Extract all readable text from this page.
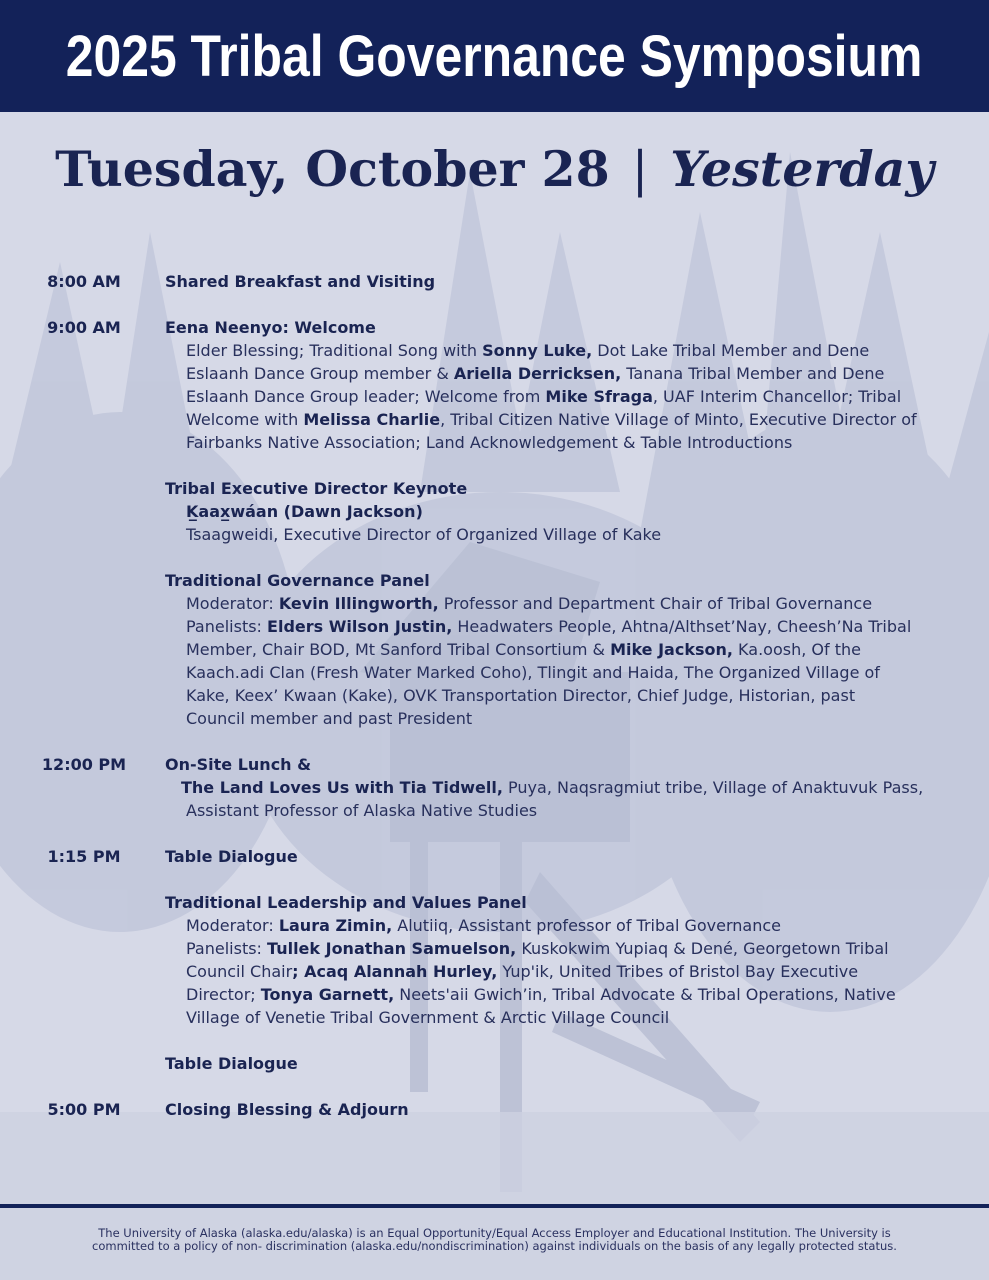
2025 Tribal Governance Symposium
Tuesday, October 28 | Yesterday
8:00 AM	Shared Breakfast and Visiting
9:00 AM	Eena Neenyo: Welcome
Elder Blessing; Traditional Song with Sonny Luke, Dot Lake Tribal Member and Dene
Eslaanh Dance Group member & Ariella Derricksen, Tanana Tribal Member and Dene
Eslaanh Dance Group leader; Welcome from Mike Sfraga, UAF Interim Chancellor; Tribal
Welcome with Melissa Charlie, Tribal Citizen Native Village of Minto, Executive Director of
Fairbanks Native Association; Land Acknowledgement & Table Introductions
Tribal Executive Director Keynote
K̲aax̲wáan (Dawn Jackson)
Tsaagweidi, Executive Director of Organized Village of Kake
Traditional Governance Panel
Moderator: Kevin Illingworth, Professor and Department Chair of Tribal Governance
Panelists: Elders Wilson Justin, Headwaters People, Ahtna/Althset’Nay, Cheesh’Na Tribal
Member, Chair BOD, Mt Sanford Tribal Consortium & Mike Jackson, Ka.oosh, Of the
Kaach.adi Clan (Fresh Water Marked Coho), Tlingit and Haida, The Organized Village of
Kake, Keex’ Kwaan (Kake), OVK Transportation Director, Chief Judge, Historian, past
Council member and past President
12:00 PM On-Site Lunch &
The Land Loves Us with Tia Tidwell, Puya, Naqsragmiut tribe, Village of Anaktuvuk Pass,
Assistant Professor of Alaska Native Studies
1:15 PM	Table Dialogue
Traditional Leadership and Values Panel
Moderator: Laura Zimin, Alutiiq, Assistant professor of Tribal Governance
Panelists: Tullek Jonathan Samuelson, Kuskokwim Yupiaq & Dené, Georgetown Tribal
Council Chair; Acaq Alannah Hurley, Yup'ik, United Tribes of Bristol Bay Executive
Director; Tonya Garnett, Neets'aii Gwich’in, Tribal Advocate & Tribal Operations, Native
Village of Venetie Tribal Government & Arctic Village Council
Table Dialogue
5:00 PM	Closing Blessing & Adjourn
The University of Alaska (alaska.edu/alaska) is an Equal Opportunity/Equal Access Employer and Educational Institution. The University is
committed to a policy of non- discrimination (alaska.edu/nondiscrimination) against individuals on the basis of any legally protected status.
